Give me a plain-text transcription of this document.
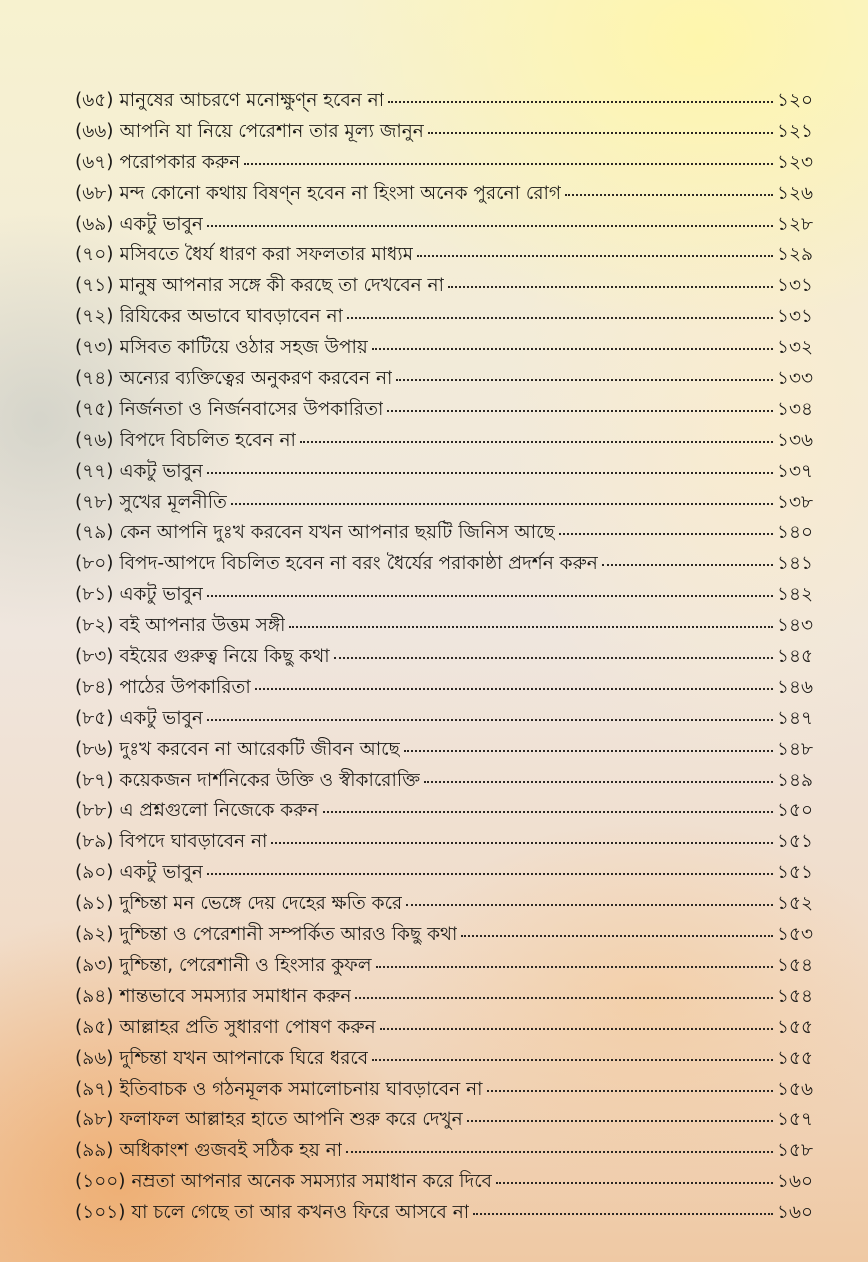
(৬৫) মানুষের আচরণে মনোক্ষুণ্ন হবেন না	১২০
(৬৬) আপনি যা নিয়ে পেরেশান তার মূল্য জানুন	১২১
(৬৭) পরোপকার করুন	১২৩
(৬৮) মন্দ কোনো কথায় বিষণ্ন হবেন না হিংসা অনেক পুরনো রোগ	১২৬
(৬৯) একটু ভাবুন	১২৮
(৭০) মসিবতে ধৈর্য ধারণ করা সফলতার মাধ্যম	১২৯
(৭১) মানুষ আপনার সঙ্গে কী করছে তা দেখবেন না	১৩১
(৭২) রিযিকের অভাবে ঘাবড়াবেন না	১৩১
(৭৩) মসিবত কাটিয়ে ওঠার সহজ উপায়	১৩২
(৭৪) অন্যের ব্যক্তিত্বের অনুকরণ করবেন না	১৩৩
(৭৫) নির্জনতা ও নির্জনবাসের উপকারিতা	১৩৪
(৭৬) বিপদে বিচলিত হবেন না	১৩৬
(৭৭) একটু ভাবুন	১৩৭
(৭৮) সুখের মূলনীতি	১৩৮
(৭৯) কেন আপনি দুঃখ করবেন যখন আপনার ছয়টি জিনিস আছে	১৪০
(৮০) বিপদ-আপদে বিচলিত হবেন না বরং ধৈর্যের পরাকাষ্ঠা প্রদর্শন করুন	১৪১
(৮১) একটু ভাবুন	১৪২
(৮২) বই আপনার উত্তম সঙ্গী	১৪৩
(৮৩) বইয়ের গুরুত্ব নিয়ে কিছু কথা	১৪৫
(৮৪) পাঠের উপকারিতা	১৪৬
(৮৫) একটু ভাবুন	১৪৭
(৮৬) দুঃখ করবেন না আরেকটি জীবন আছে	১৪৮
(৮৭) কয়েকজন দার্শনিকের উক্তি ও স্বীকারোক্তি	১৪৯
(৮৮) এ প্রশ্নগুলো নিজেকে করুন	১৫০
(৮৯) বিপদে ঘাবড়াবেন না	১৫১
(৯০) একটু ভাবুন	১৫১
(৯১) দুশ্চিন্তা মন ভেঙ্গে দেয় দেহের ক্ষতি করে	১৫২
(৯২) দুশ্চিন্তা ও পেরেশানী সম্পর্কিত আরও কিছু কথা	১৫৩
(৯৩) দুশ্চিন্তা, পেরেশানী ও হিংসার কুফল	১৫৪
(৯৪) শান্তভাবে সমস্যার সমাধান করুন	১৫৪
(৯৫) আল্লাহর প্রতি সুধারণা পোষণ করুন	১৫৫
(৯৬) দুশ্চিন্তা যখন আপনাকে ঘিরে ধরবে	১৫৫
(৯৭) ইতিবাচক ও গঠনমূলক সমালোচনায় ঘাবড়াবেন না	১৫৬
(৯৮) ফলাফল আল্লাহর হাতে আপনি শুরু করে দেখুন	১৫৭
(৯৯) অধিকাংশ গুজবই সঠিক হয় না	১৫৮
(১০০) নম্রতা আপনার অনেক সমস্যার সমাধান করে দিবে	১৬০
(১০১) যা চলে গেছে তা আর কখনও ফিরে আসবে না	১৬০
